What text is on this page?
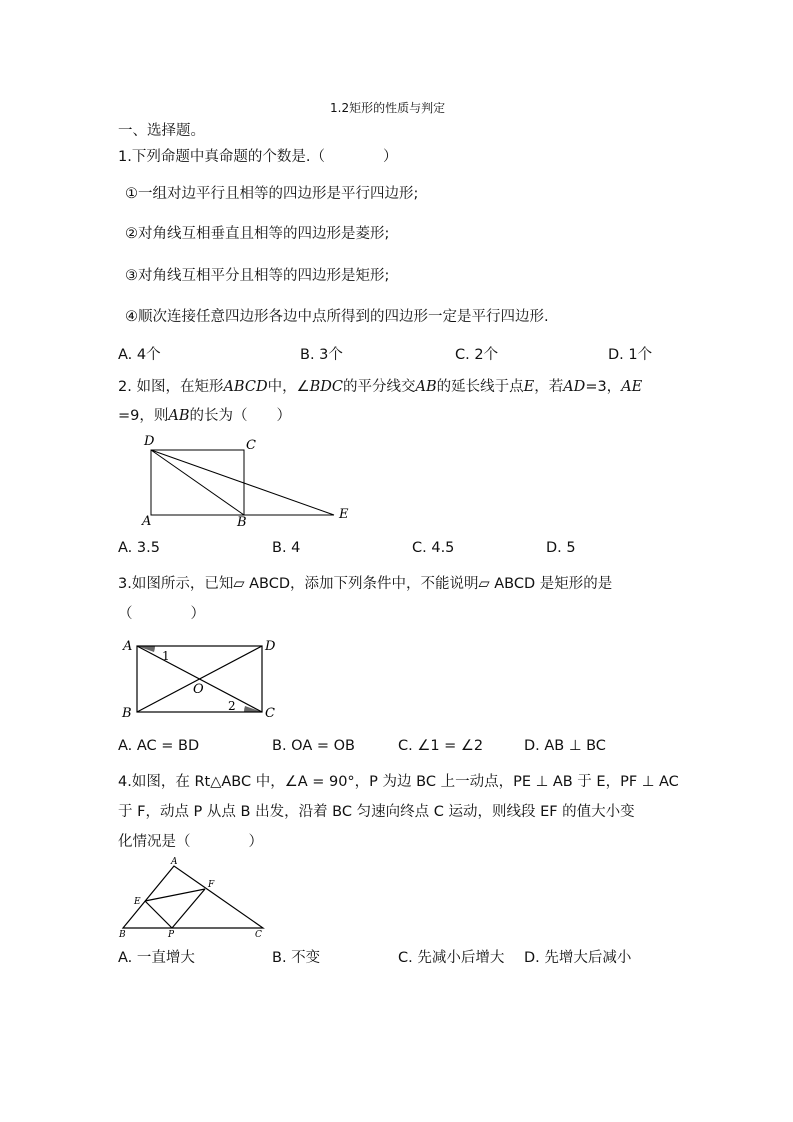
1.2矩形的性质与判定
一、选择题。
1.下列命题中真命题的个数是.（　　　　）
①一组对边平行且相等的四边形是平行四边形;
②对角线互相垂直且相等的四边形是菱形;
③对角线互相平分且相等的四边形是矩形;
④顺次连接任意四边形各边中点所得到的四边形一定是平行四边形.
A. 4个	B. 3个	C. 2个	D. 1个
2. 如图，在矩形ABCD中，∠BDC的平分线交AB的延长线于点E，若AD=3，AE
=9，则AB的长为（　　）
D	C
A	B
E
A. 3.5	B. 4	C. 4.5	D. 5
3.如图所示，已知▱ ABCD，添加下列条件中，不能说明▱ ABCD 是矩形的是
（　　　　）
A	D
B	C
O
1
2
A. AC = BD	B. OA = OB	C. ∠1 = ∠2	D. AB ⊥ BC
4.如图，在 Rt△ABC 中，∠A = 90°，P 为边 BC 上一动点，PE ⊥ AB 于 E，PF ⊥ AC
于 F，动点 P 从点 B 出发，沿着 BC 匀速向终点 C 运动，则线段 EF 的值大小变
化情况是（　　　　）
A
F
E
B	P	C
A. 一直增大	B. 不变	C. 先减小后增大 D. 先增大后减小
